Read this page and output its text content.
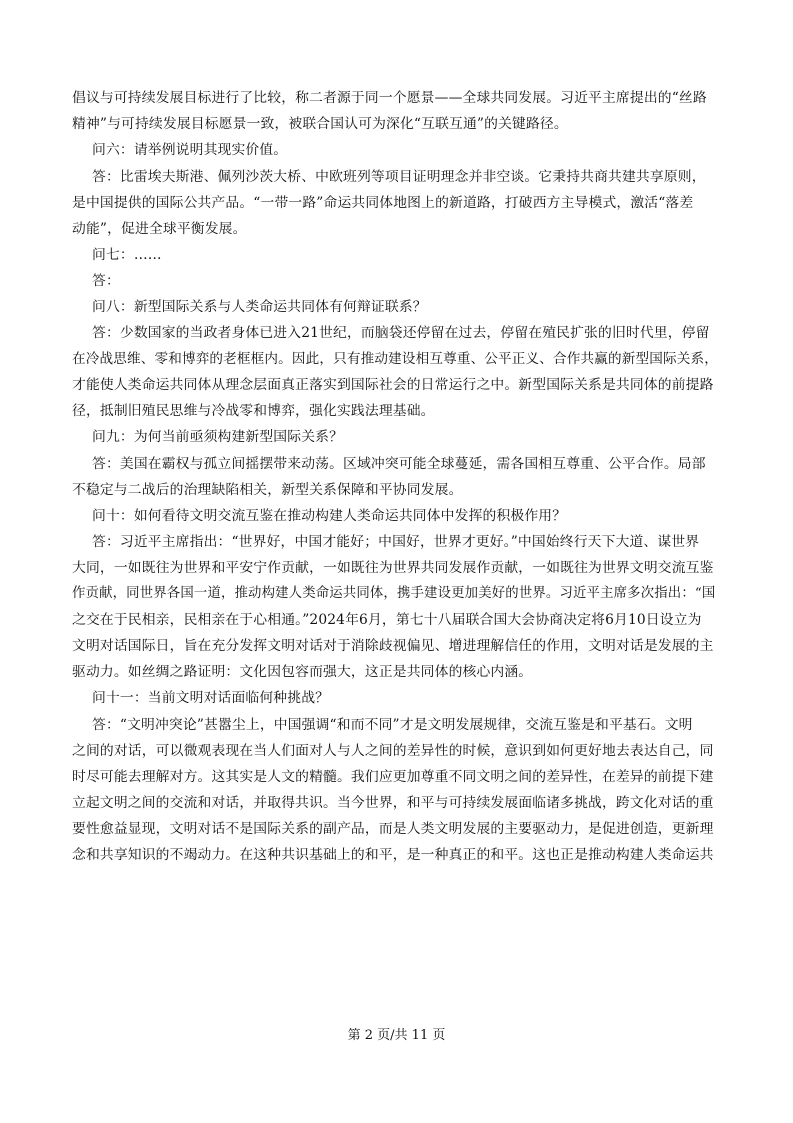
倡议与可持续发展目标进行了比较，称二者源于同一个愿景——全球共同发展。习近平主席提出的“丝路
精神”与可持续发展目标愿景一致，被联合国认可为深化“互联互通”的关键路径。
问六：请举例说明其现实价值。
答：比雷埃夫斯港、佩列沙茨大桥、中欧班列等项目证明理念并非空谈。它秉持共商共建共享原则，
是中国提供的国际公共产品。“一带一路”命运共同体地图上的新道路，打破西方主导模式，激活“落差
动能”，促进全球平衡发展。
问七：……
答：
问八：新型国际关系与人类命运共同体有何辩证联系？
答：少数国家的当政者身体已进入21世纪，而脑袋还停留在过去，停留在殖民扩张的旧时代里，停留
在冷战思维、零和博弈的老框框内。因此，只有推动建设相互尊重、公平正义、合作共赢的新型国际关系，
才能使人类命运共同体从理念层面真正落实到国际社会的日常运行之中。新型国际关系是共同体的前提路
径，抵制旧殖民思维与冷战零和博弈，强化实践法理基础。
问九：为何当前亟须构建新型国际关系？
答：美国在霸权与孤立间摇摆带来动荡。区域冲突可能全球蔓延，需各国相互尊重、公平合作。局部
不稳定与二战后的治理缺陷相关，新型关系保障和平协同发展。
问十：如何看待文明交流互鉴在推动构建人类命运共同体中发挥的积极作用？
答：习近平主席指出：“世界好，中国才能好；中国好，世界才更好。”中国始终行天下大道、谋世界
大同，一如既往为世界和平安宁作贡献，一如既往为世界共同发展作贡献，一如既往为世界文明交流互鉴
作贡献，同世界各国一道，推动构建人类命运共同体，携手建设更加美好的世界。习近平主席多次指出：“国
之交在于民相亲，民相亲在于心相通。”2024年6月，第七十八届联合国大会协商决定将6月10日设立为
文明对话国际日，旨在充分发挥文明对话对于消除歧视偏见、增进理解信任的作用，文明对话是发展的主
驱动力。如丝绸之路证明：文化因包容而强大，这正是共同体的核心内涵。
问十一：当前文明对话面临何种挑战？
答：“文明冲突论”甚嚣尘上，中国强调“和而不同”才是文明发展规律，交流互鉴是和平基石。文明
之间的对话，可以微观表现在当人们面对人与人之间的差异性的时候，意识到如何更好地去表达自己，同
时尽可能去理解对方。这其实是人文的精髓。我们应更加尊重不同文明之间的差异性，在差异的前提下建
立起文明之间的交流和对话，并取得共识。当今世界，和平与可持续发展面临诸多挑战，跨文化对话的重
要性愈益显现，文明对话不是国际关系的副产品，而是人类文明发展的主要驱动力，是促进创造，更新理
念和共享知识的不竭动力。在这种共识基础上的和平，是一种真正的和平。这也正是推动构建人类命运共
第 2 页/共 11 页
